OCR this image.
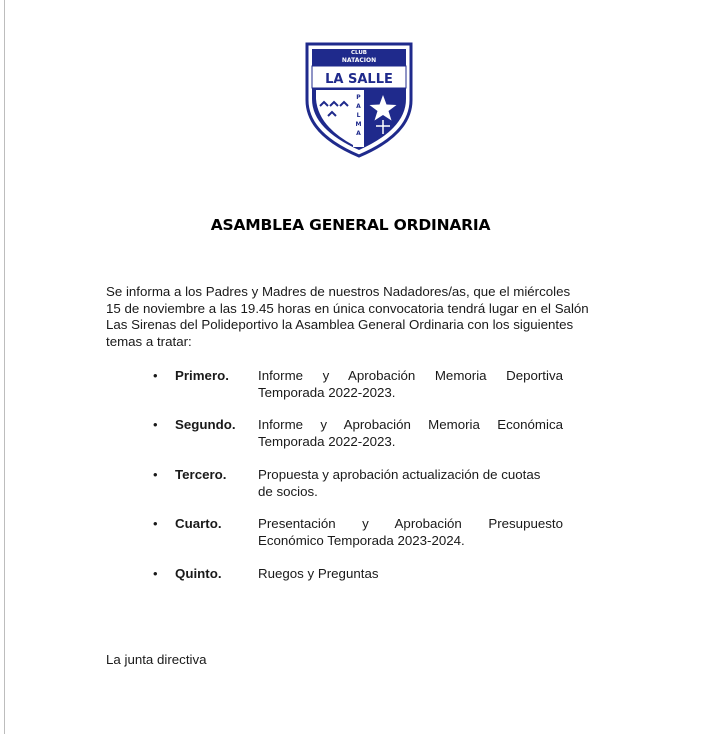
CLUB
NATACION
LA SALLE
P
A
L
M
A
ASAMBLEA GENERAL ORDINARIA
Se informa a los Padres y Madres de nuestros Nadadores/as, que el miércoles
15 de noviembre a las 19.45 horas en única convocatoria tendrá lugar en el Salón
Las Sirenas del Polideportivo la Asamblea General Ordinaria con los siguientes
temas a tratar:
• Primero. Informe y Aprobación Memoria Deportiva
Temporada 2022-2023.
• Segundo. Informe y Aprobación Memoria Económica
Temporada 2022-2023.
• Tercero. Propuesta y aprobación actualización de cuotas
de socios.
• Cuarto.	Presentación y Aprobación Presupuesto
Económico Temporada 2023-2024.
• Quinto.	Ruegos y Preguntas
La junta directiva
